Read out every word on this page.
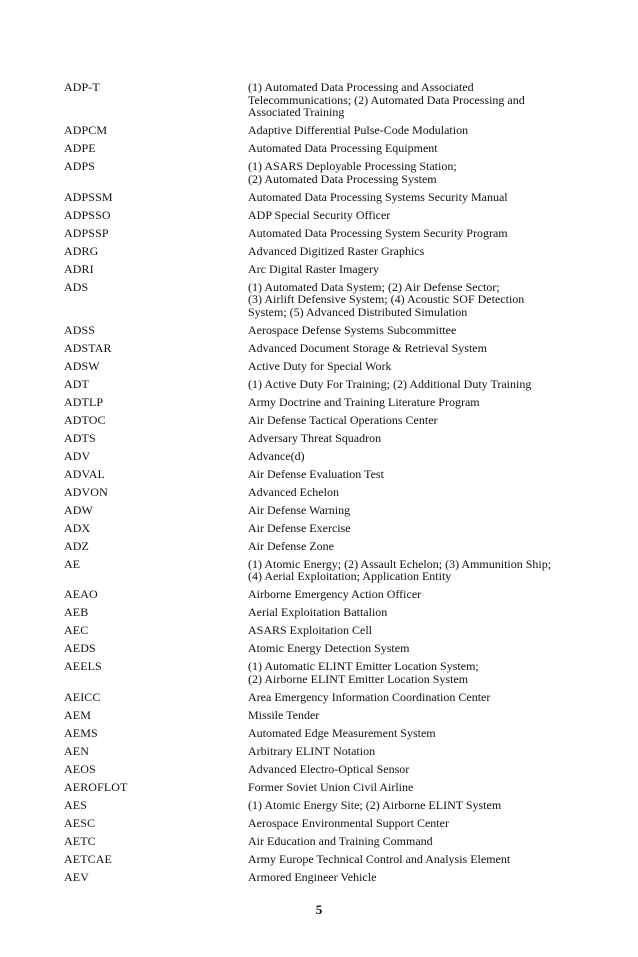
ADP-T	(1) Automated Data Processing and Associated
Telecommunications; (2) Automated Data Processing and
Associated Training
ADPCM	Adaptive Differential Pulse-Code Modulation
ADPE	Automated Data Processing Equipment
ADPS	(1) ASARS Deployable Processing Station;
(2) Automated Data Processing System
ADPSSM	Automated Data Processing Systems Security Manual
ADPSSO	ADP Special Security Officer
ADPSSP	Automated Data Processing System Security Program
ADRG	Advanced Digitized Raster Graphics
ADRI	Arc Digital Raster Imagery
ADS	(1) Automated Data System; (2) Air Defense Sector;
(3) Airlift Defensive System; (4) Acoustic SOF Detection
System; (5) Advanced Distributed Simulation
ADSS	Aerospace Defense Systems Subcommittee
ADSTAR	Advanced Document Storage & Retrieval System
ADSW	Active Duty for Special Work
ADT	(1) Active Duty For Training; (2) Additional Duty Training
ADTLP	Army Doctrine and Training Literature Program
ADTOC	Air Defense Tactical Operations Center
ADTS	Adversary Threat Squadron
ADV	Advance(d)
ADVAL	Air Defense Evaluation Test
ADVON	Advanced Echelon
ADW	Air Defense Warning
ADX	Air Defense Exercise
ADZ	Air Defense Zone
AE	(1) Atomic Energy; (2) Assault Echelon; (3) Ammunition Ship;
(4) Aerial Exploitation; Application Entity
AEAO	Airborne Emergency Action Officer
AEB	Aerial Exploitation Battalion
AEC	ASARS Exploitation Cell
AEDS	Atomic Energy Detection System
AEELS	(1) Automatic ELINT Emitter Location System;
(2) Airborne ELINT Emitter Location System
AEICC	Area Emergency Information Coordination Center
AEM	Missile Tender
AEMS	Automated Edge Measurement System
AEN	Arbitrary ELINT Notation
AEOS	Advanced Electro-Optical Sensor
AEROFLOT	Former Soviet Union Civil Airline
AES	(1) Atomic Energy Site; (2) Airborne ELINT System
AESC	Aerospace Environmental Support Center
AETC	Air Education and Training Command
AETCAE	Army Europe Technical Control and Analysis Element
AEV	Armored Engineer Vehicle
5
